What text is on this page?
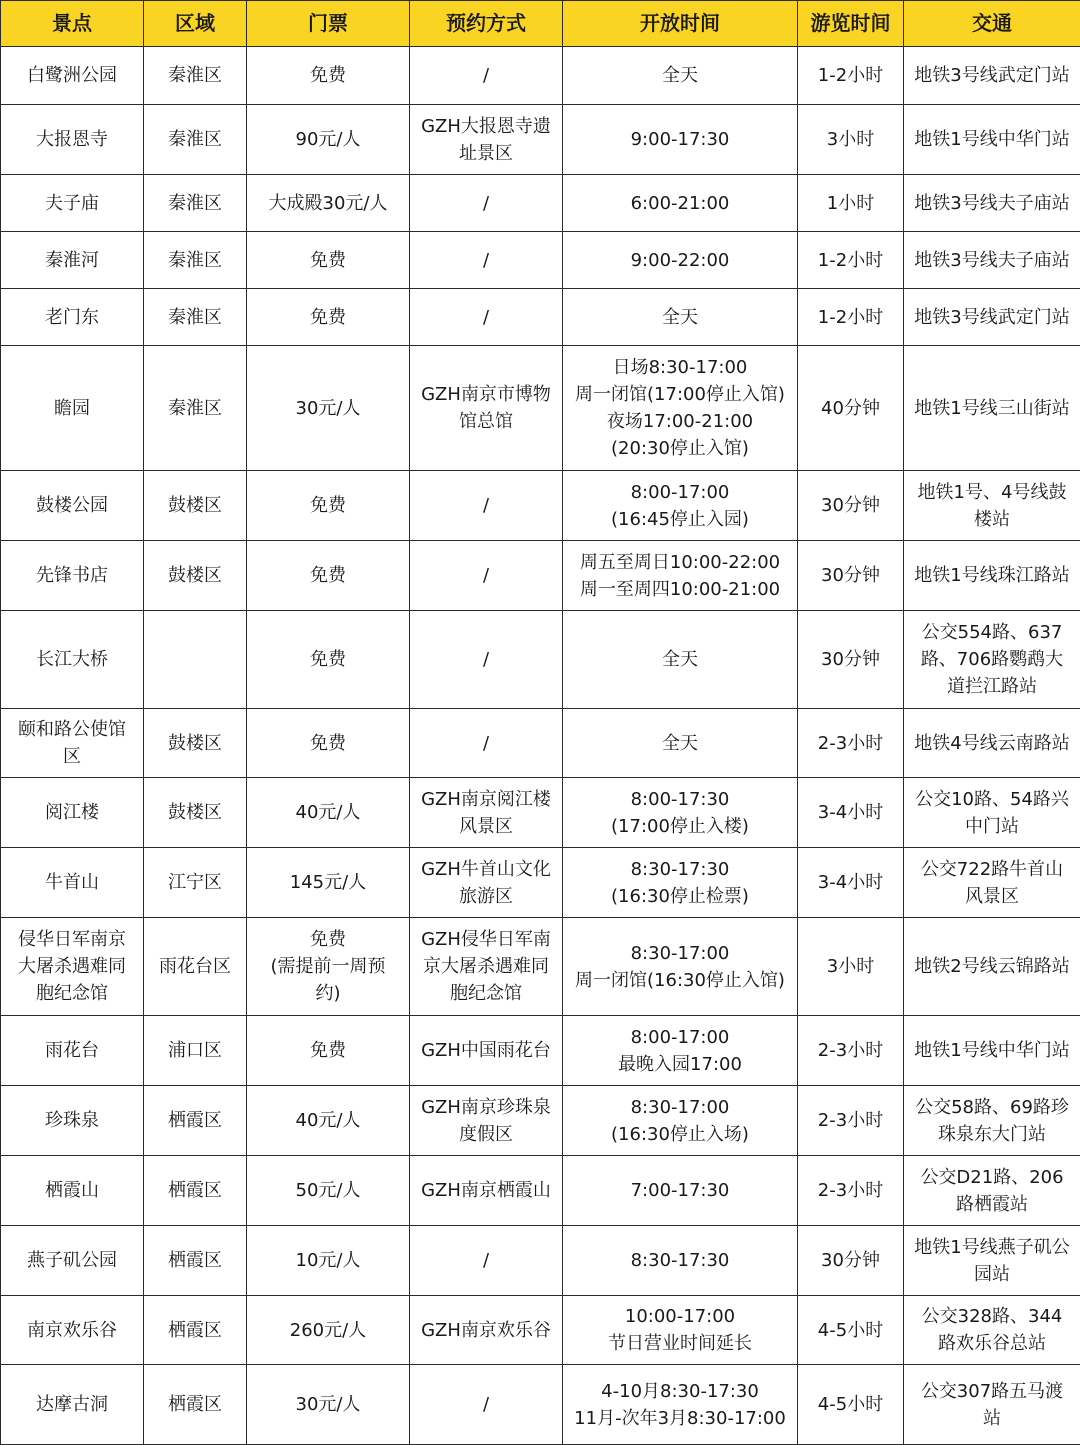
景点	区域	门票	预约方式	开放时间	游览时间	交通

白鹭洲公园	秦淮区	免费	/	全天	1-2小时	地铁3号线武定门站

大报恩寺	秦淮区	90元/人	GZH大报恩寺遗
址景区	9:00-17:30	3小时	地铁1号线中华门站

夫子庙	秦淮区	大成殿30元/人	/	6:00-21:00	1小时	地铁3号线夫子庙站

秦淮河	秦淮区	免费	/	9:00-22:00	1-2小时	地铁3号线夫子庙站

老门东	秦淮区	免费	/	全天	1-2小时	地铁3号线武定门站

瞻园	秦淮区	30元/人	GZH南京市博物
馆总馆	日场8:30-17:00
周一闭馆(17:00停止入馆)
夜场17:00-21:00
(20:30停止入馆)	40分钟	地铁1号线三山街站

鼓楼公园	鼓楼区	免费	/	8:00-17:00
(16:45停止入园)	30分钟	地铁1号、4号线鼓
楼站

先锋书店	鼓楼区	免费	/	周五至周日10:00-22:00
周一至周四10:00-21:00	30分钟	地铁1号线珠江路站

长江大桥		免费	/	全天	30分钟	公交554路、637
路、706路鹦鹉大
道拦江路站

颐和路公使馆
区	鼓楼区	免费	/	全天	2-3小时	地铁4号线云南路站

阅江楼	鼓楼区	40元/人	GZH南京阅江楼
风景区	8:00-17:30
(17:00停止入楼)	3-4小时	公交10路、54路兴
中门站

牛首山	江宁区	145元/人	GZH牛首山文化
旅游区	8:30-17:30
(16:30停止检票)	3-4小时	公交722路牛首山
风景区

侵华日军南京
大屠杀遇难同
胞纪念馆	雨花台区	免费
(需提前一周预
约)	GZH侵华日军南
京大屠杀遇难同
胞纪念馆	8:30-17:00
周一闭馆(16:30停止入馆)	3小时	地铁2号线云锦路站

雨花台	浦口区	免费	GZH中国雨花台	8:00-17:00
最晚入园17:00	2-3小时	地铁1号线中华门站

珍珠泉	栖霞区	40元/人	GZH南京珍珠泉
度假区	8:30-17:00
(16:30停止入场)	2-3小时	公交58路、69路珍
珠泉东大门站

栖霞山	栖霞区	50元/人	GZH南京栖霞山	7:00-17:30	2-3小时	公交D21路、206
路栖霞站

燕子矶公园	栖霞区	10元/人	/	8:30-17:30	30分钟	地铁1号线燕子矶公
园站

南京欢乐谷	栖霞区	260元/人	GZH南京欢乐谷	10:00-17:00
节日营业时间延长	4-5小时	公交328路、344
路欢乐谷总站

达摩古洞	栖霞区	30元/人	/	4-10月8:30-17:30
11月-次年3月8:30-17:00	4-5小时	公交307路五马渡
站
